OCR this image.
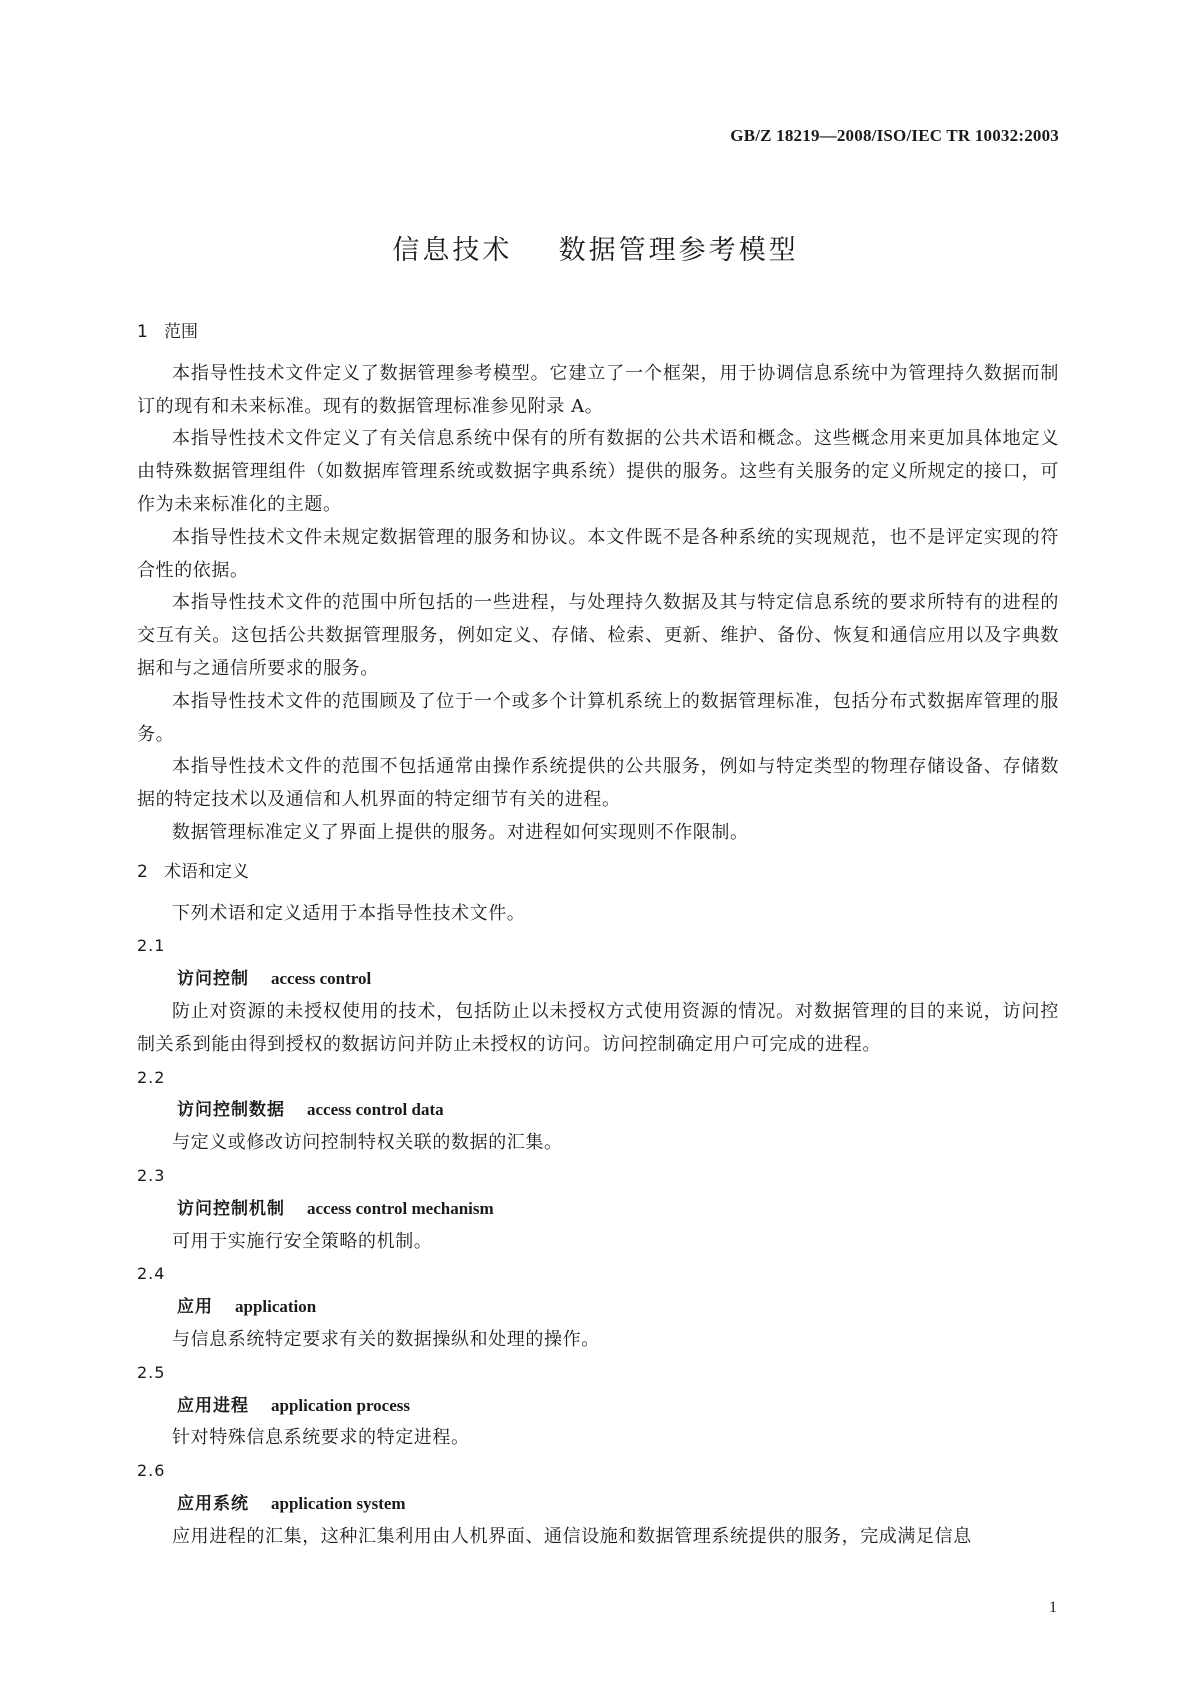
GB/Z 18219—2008/ISO/IEC TR 10032:2003
信息技术    数据管理参考模型

1   范围

本指导性技术文件定义了数据管理参考模型。它建立了一个框架，用于协调信息系统中为管理持久数据而制订的现有和未来标准。现有的数据管理标准参见附录 A。

本指导性技术文件定义了有关信息系统中保有的所有数据的公共术语和概念。这些概念用来更加具体地定义由特殊数据管理组件（如数据库管理系统或数据字典系统）提供的服务。这些有关服务的定义所规定的接口，可作为未来标准化的主题。

本指导性技术文件未规定数据管理的服务和协议。本文件既不是各种系统的实现规范，也不是评定实现的符合性的依据。

本指导性技术文件的范围中所包括的一些进程，与处理持久数据及其与特定信息系统的要求所特有的进程的交互有关。这包括公共数据管理服务，例如定义、存储、检索、更新、维护、备份、恢复和通信应用以及字典数据和与之通信所要求的服务。

本指导性技术文件的范围顾及了位于一个或多个计算机系统上的数据管理标准，包括分布式数据库管理的服务。

本指导性技术文件的范围不包括通常由操作系统提供的公共服务，例如与特定类型的物理存储设备、存储数据的特定技术以及通信和人机界面的特定细节有关的进程。

数据管理标准定义了界面上提供的服务。对进程如何实现则不作限制。

2   术语和定义

下列术语和定义适用于本指导性技术文件。

2.1

访问控制 access control

防止对资源的未授权使用的技术，包括防止以未授权方式使用资源的情况。对数据管理的目的来说，访问控制关系到能由得到授权的数据访问并防止未授权的访问。访问控制确定用户可完成的进程。

2.2

访问控制数据 access control data

与定义或修改访问控制特权关联的数据的汇集。

2.3

访问控制机制 access control mechanism

可用于实施行安全策略的机制。

2.4

应用 application

与信息系统特定要求有关的数据操纵和处理的操作。

2.5

应用进程 application process

针对特殊信息系统要求的特定进程。

2.6

应用系统 application system

应用进程的汇集，这种汇集利用由人机界面、通信设施和数据管理系统提供的服务，完成满足信息

1
